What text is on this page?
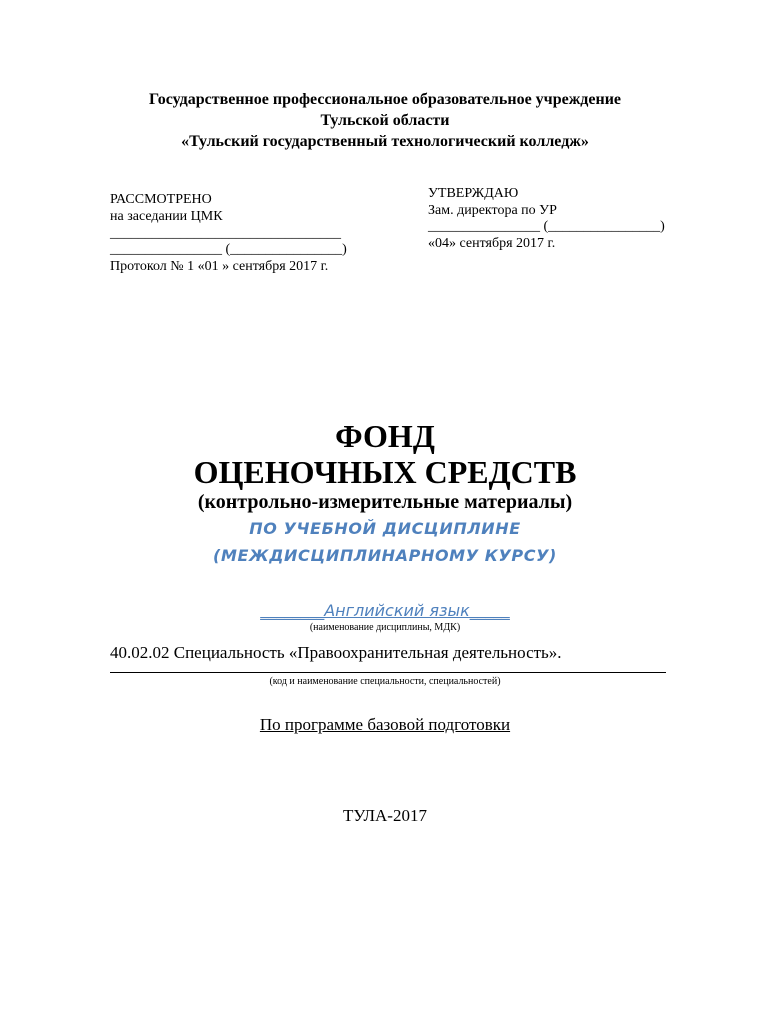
Государственное профессиональное образовательное учреждение
Тульской области
«Тульский государственный технологический колледж»
РАССМОТРЕНО
на заседании ЦМК
_________________________________
________________ (________________)
Протокол № 1 «01 » сентября 2017 г.
УТВЕРЖДАЮ
Зам. директора по УР
________________ (________________)
«04» сентября 2017 г.
ФОНД
ОЦЕНОЧНЫХ СРЕДСТВ
(контрольно-измерительные материалы)
ПО УЧЕБНОЙ ДИСЦИПЛИНЕ
(МЕЖДИСЦИПЛИНАРНОМУ КУРСУ)
________Английский язык_____
(наименование дисциплины, МДК)
40.02.02 Специальность «Правоохранительная деятельность».
(код и наименование специальности, специальностей)
По программе базовой подготовки
ТУЛА-2017
